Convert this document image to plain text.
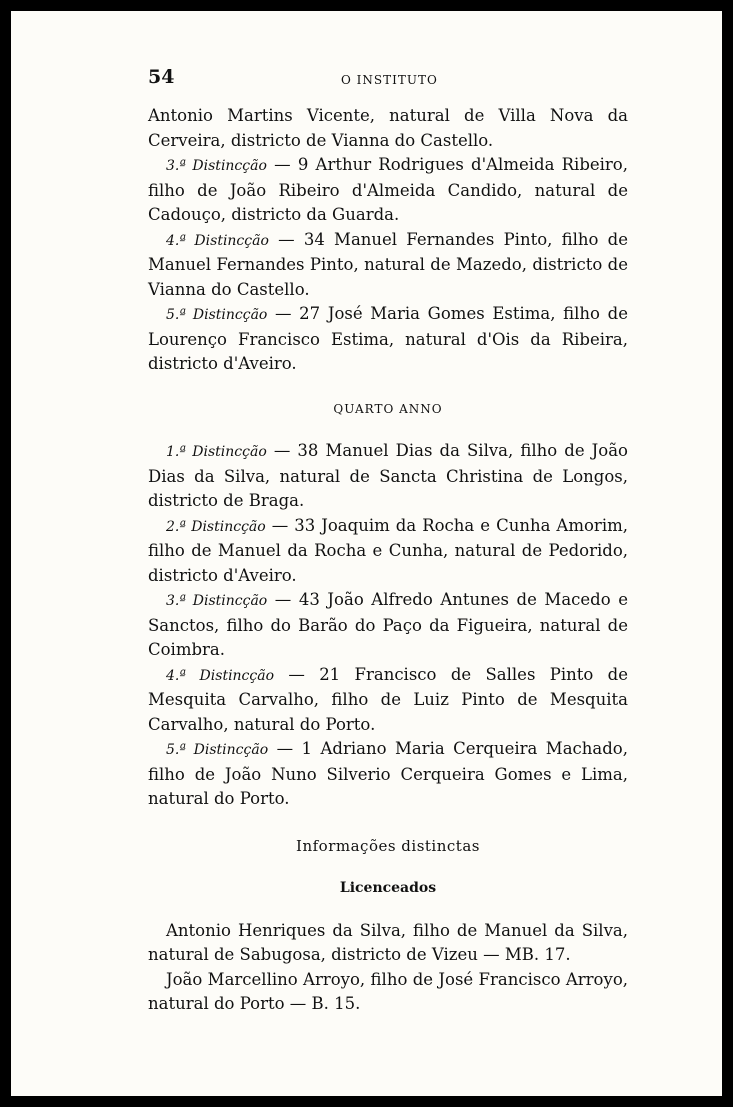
54	O INSTITUTO

Antonio Martins Vicente, natural de Villa Nova da Cerveira, districto de Vianna do Castello.

3.ª Distincção — 9 Arthur Rodrigues d'Almeida Ribeiro, filho de João Ribeiro d'Almeida Candido, natural de Cadouço, districto da Guarda.

4.ª Distincção — 34 Manuel Fernandes Pinto, filho de Manuel Fernandes Pinto, natural de Mazedo, districto de Vianna do Castello.

5.ª Distincção — 27 José Maria Gomes Estima, filho de Lourenço Francisco Estima, natural d'Ois da Ribeira, districto d'Aveiro.

QUARTO ANNO

1.ª Distincção — 38 Manuel Dias da Silva, filho de João Dias da Silva, natural de Sancta Christina de Longos, districto de Braga.

2.ª Distincção — 33 Joaquim da Rocha e Cunha Amorim, filho de Manuel da Rocha e Cunha, natural de Pedorido, districto d'Aveiro.

3.ª Distincção — 43 João Alfredo Antunes de Macedo e Sanctos, filho do Barão do Paço da Figueira, natural de Coimbra.

4.ª Distincção — 21 Francisco de Salles Pinto de Mesquita Carvalho, filho de Luiz Pinto de Mesquita Carvalho, natural do Porto.

5.ª Distincção — 1 Adriano Maria Cerqueira Machado, filho de João Nuno Silverio Cerqueira Gomes e Lima, natural do Porto.

Informações distinctas
Licenceados

Antonio Henriques da Silva, filho de Manuel da Silva, natural de Sabugosa, districto de Vizeu — MB. 17.

João Marcellino Arroyo, filho de José Francisco Arroyo, natural do Porto — B. 15.
